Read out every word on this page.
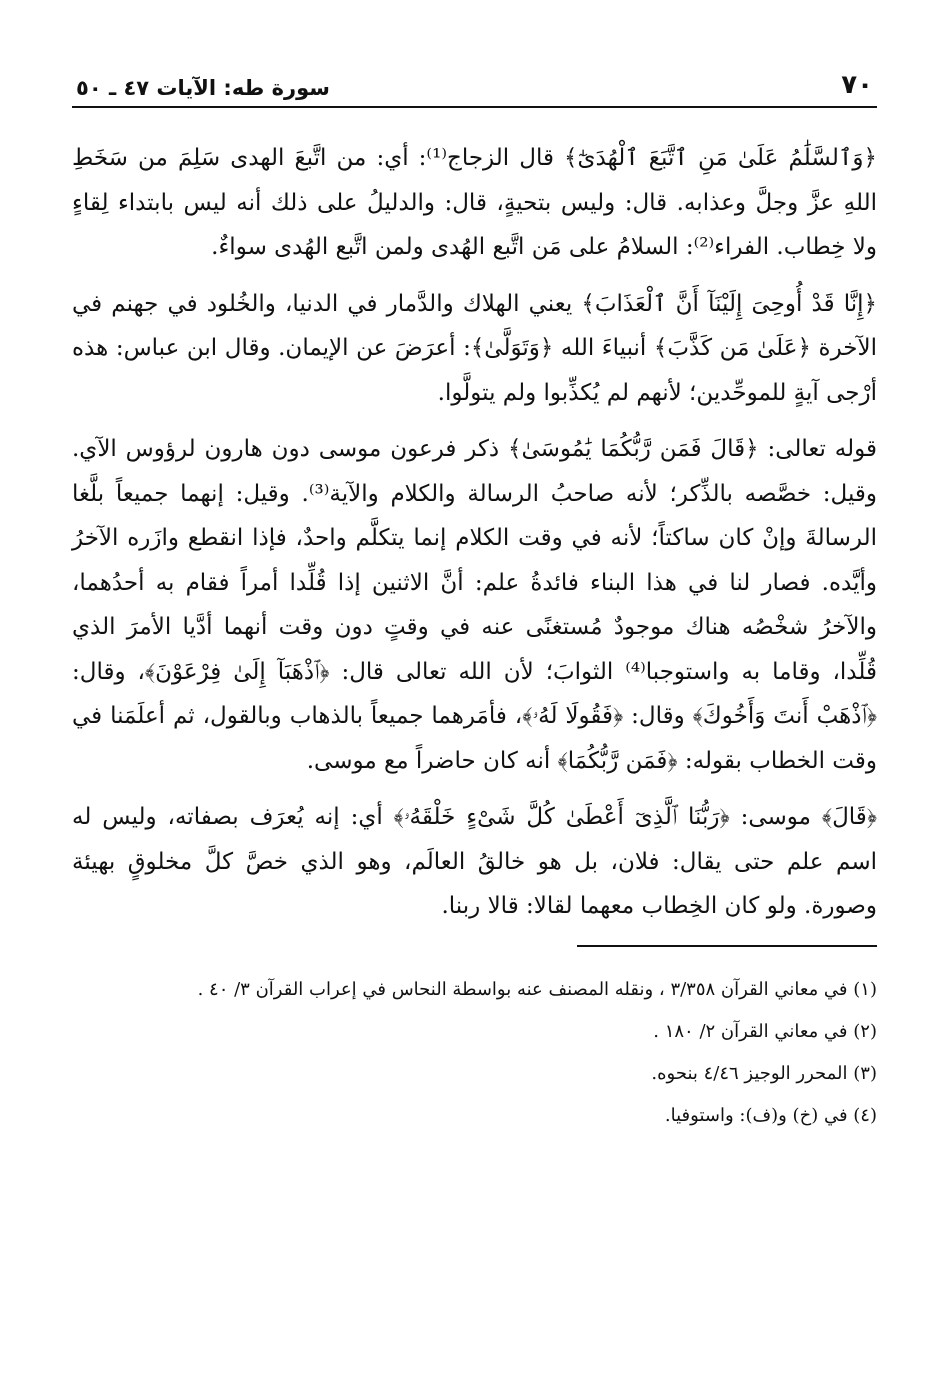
٧٠
سورة طه: الآيات ٤٧ ـ ٥٠

﴿وَٱلسَّلَٰمُ عَلَىٰ مَنِ ٱتَّبَعَ ٱلْهُدَىٰٓ﴾ قال الزجاج⁽¹⁾: أي: من اتَّبعَ الهدى سَلِمَ من سَخَطِ اللهِ عزَّ وجلَّ وعذابه. قال: وليس بتحيةٍ، قال: والدليلُ على ذلك أنه ليس بابتداء لِقاءٍ ولا خِطاب. الفراء⁽²⁾: السلامُ على مَن اتَّبع الهُدى ولمن اتَّبع الهُدى سواءٌ.

﴿إِنَّا قَدْ أُوحِىَ إِلَيْنَآ أَنَّ ٱلْعَذَابَ﴾ يعني الهلاك والدَّمار في الدنيا، والخُلود في جهنم في الآخرة ﴿عَلَىٰ مَن كَذَّبَ﴾ أنبياءَ الله ﴿وَتَوَلَّىٰ﴾: أعرَضَ عن الإيمان. وقال ابن عباس: هذه أرْجى آيةٍ للموحِّدين؛ لأنهم لم يُكذِّبوا ولم يتولَّوا.

قوله تعالى: ﴿قَالَ فَمَن رَّبُّكُمَا يَٰمُوسَىٰ﴾ ذكر فرعون موسى دون هارون لرؤوس الآي. وقيل: خصَّصه بالذِّكر؛ لأنه صاحبُ الرسالة والكلام والآية⁽³⁾. وقيل: إنهما جميعاً بلَّغا الرسالةَ وإنْ كان ساكتاً؛ لأنه في وقت الكلام إنما يتكلَّم واحدٌ، فإذا انقطع وازَره الآخرُ وأيَّده. فصار لنا في هذا البناء فائدةُ علم: أنَّ الاثنين إذا قُلِّدا أمراً فقام به أحدُهما، والآخرُ شخْصُه هناك موجودٌ مُستغنًى عنه في وقتٍ دون وقت أنهما أدَّيا الأمرَ الذي قُلِّدا، وقاما به واستوجبا⁽⁴⁾ الثوابَ؛ لأن الله تعالى قال: ﴿ٱذْهَبَآ إِلَىٰ فِرْعَوْنَ﴾، وقال: ﴿ٱذْهَبْ أَنتَ وَأَخُوكَ﴾ وقال: ﴿فَقُولَا لَهُۥ﴾، فأمَرهما جميعاً بالذهاب وبالقول، ثم أعلَمَنا في وقت الخطاب بقوله: ﴿فَمَن رَّبُّكُمَا﴾ أنه كان حاضراً مع موسى.

﴿قَالَ﴾ موسى: ﴿رَبُّنَا ٱلَّذِىٓ أَعْطَىٰ كُلَّ شَىْءٍ خَلْقَهُۥ﴾ أي: إنه يُعرَف بصفاته، وليس له اسم علم حتى يقال: فلان، بل هو خالقُ العالَم، وهو الذي خصَّ كلَّ مخلوقٍ بهيئة وصورة. ولو كان الخِطاب معهما لقالا: قالا ربنا.

(١) في معاني القرآن ٣/٣٥٨ ، ونقله المصنف عنه بواسطة النحاس في إعراب القرآن ٣/ ٤٠ .

(٢) في معاني القرآن ٢/ ١٨٠ .

(٣) المحرر الوجيز ٤/٤٦ بنحوه.

(٤) في (خ) و(ف): واستوفيا.
